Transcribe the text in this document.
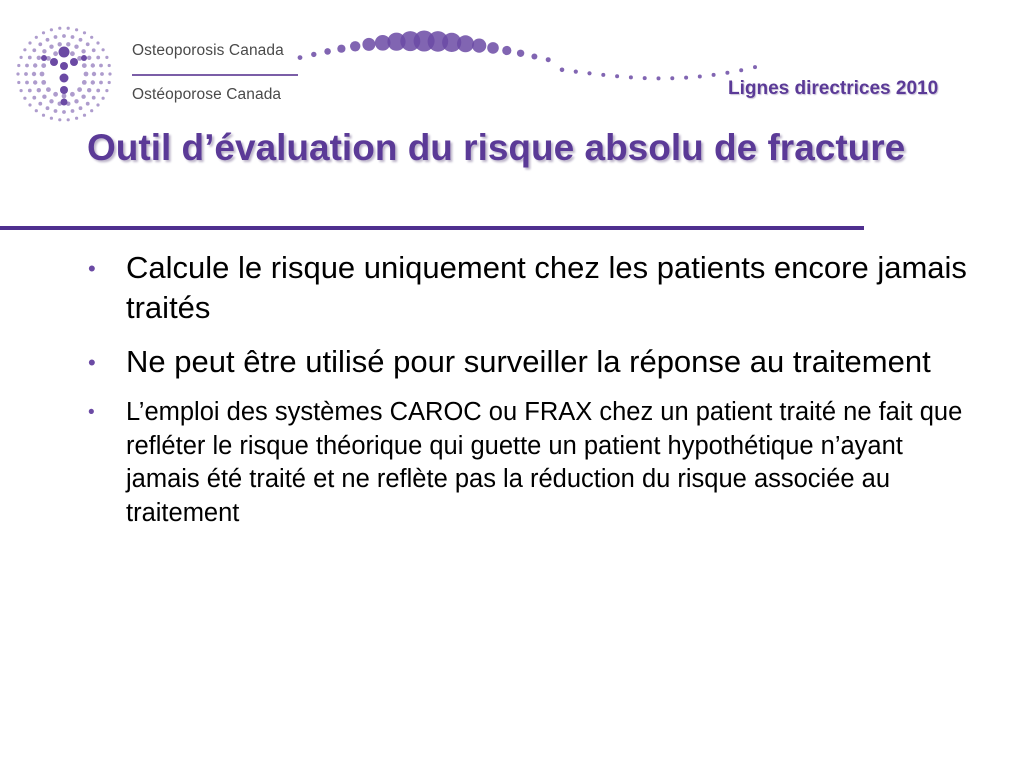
Osteoporosis Canada
Ostéoporose Canada	Lignes directrices 2010
Outil d’évaluation du risque absolu de fracture
• Calcule le risque uniquement chez les patients encore jamais traités
• Ne peut être utilisé pour surveiller la réponse au traitement
• L’emploi des systèmes CAROC ou FRAX chez un patient traité ne fait que refléter le risque théorique qui guette un patient hypothétique n’ayant jamais été traité et ne reflète pas la réduction du risque associée au traitement
